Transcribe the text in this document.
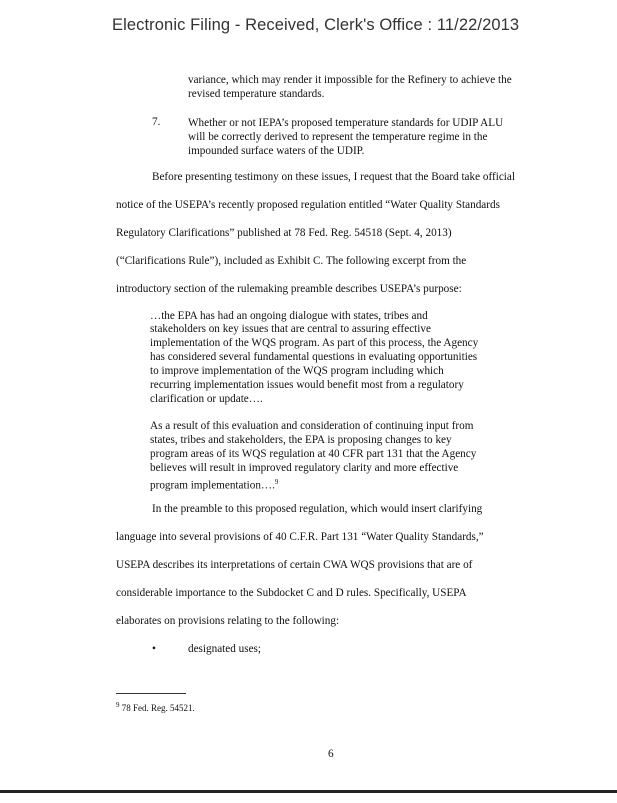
Electronic Filing - Received, Clerk's Office : 11/22/2013
variance, which may render it impossible for the Refinery to achieve the
revised temperature standards.
7. Whether or not IEPA’s proposed temperature standards for UDIP ALU
will be correctly derived to represent the temperature regime in the
impounded surface waters of the UDIP.
Before presenting testimony on these issues, I request that the Board take official
notice of the USEPA’s recently proposed regulation entitled “Water Quality Standards
Regulatory Clarifications” published at 78 Fed. Reg. 54518 (Sept. 4, 2013)
(“Clarifications Rule”), included as Exhibit C. The following excerpt from the
introductory section of the rulemaking preamble describes USEPA’s purpose:
…the EPA has had an ongoing dialogue with states, tribes and
stakeholders on key issues that are central to assuring effective
implementation of the WQS program. As part of this process, the Agency
has considered several fundamental questions in evaluating opportunities
to improve implementation of the WQS program including which
recurring implementation issues would benefit most from a regulatory
clarification or update….
As a result of this evaluation and consideration of continuing input from
states, tribes and stakeholders, the EPA is proposing changes to key
program areas of its WQS regulation at 40 CFR part 131 that the Agency
believes will result in improved regulatory clarity and more effective
program implementation….$^9$
In the preamble to this proposed regulation, which would insert clarifying
language into several provisions of 40 C.F.R. Part 131 “Water Quality Standards,”
USEPA describes its interpretations of certain CWA WQS provisions that are of
considerable importance to the Subdocket C and D rules. Specifically, USEPA
elaborates on provisions relating to the following:
•	designated uses;
$^9$ 78 Fed. Reg. 54521.
6
